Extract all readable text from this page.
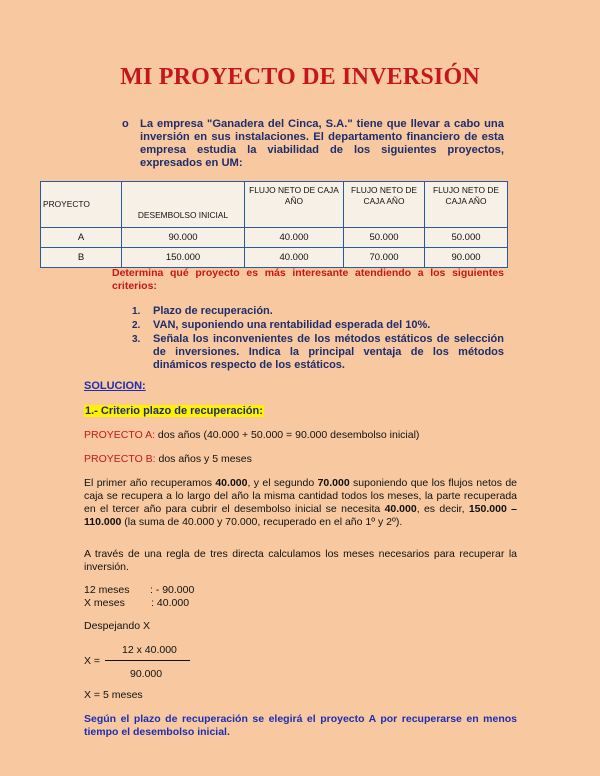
MI PROYECTO DE INVERSIÓN
o La empresa "Ganadera del Cinca, S.A." tiene que llevar a cabo una inversión en sus instalaciones. El departamento financiero de esta empresa estudia la viabilidad de los siguientes proyectos, expresados en UM:
PROYECTO	DESEMBOLSO INICIAL	FLUJO NETO DE CAJA AÑO	FLUJO NETO DE CAJA AÑO	FLUJO NETO DE CAJA AÑO
A	90.000	40.000	50.000	50.000
B	150.000	40.000	70.000	90.000
Determina qué proyecto es más interesante atendiendo a los siguientes criterios:
1. Plazo de recuperación.
2. VAN, suponiendo una rentabilidad esperada del 10%.
3. Señala los inconvenientes de los métodos estáticos de selección de inversiones. Indica la principal ventaja de los métodos dinámicos respecto de los estáticos.
SOLUCION:
1.- Criterio plazo de recuperación:
PROYECTO A: dos años (40.000 + 50.000 = 90.000 desembolso inicial)
PROYECTO B: dos años y 5 meses
El primer año recuperamos 40.000, y el segundo 70.000 suponiendo que los flujos netos de caja se recupera a lo largo del año la misma cantidad todos los meses, la parte recuperada en el tercer año para cubrir el desembolso inicial se necesita 40.000, es decir, 150.000 – 110.000 (la suma de 40.000 y 70.000, recuperado en el año 1º y 2º).
A través de una regla de tres directa calculamos los meses necesarios para recuperar la inversión.
12 meses       : - 90.000
X meses         : 40.000
Despejando X
12 x 40.000
X =
90.000
X = 5 meses
Según el plazo de recuperación se elegirá el proyecto A por recuperarse en menos tiempo el desembolso inicial.
